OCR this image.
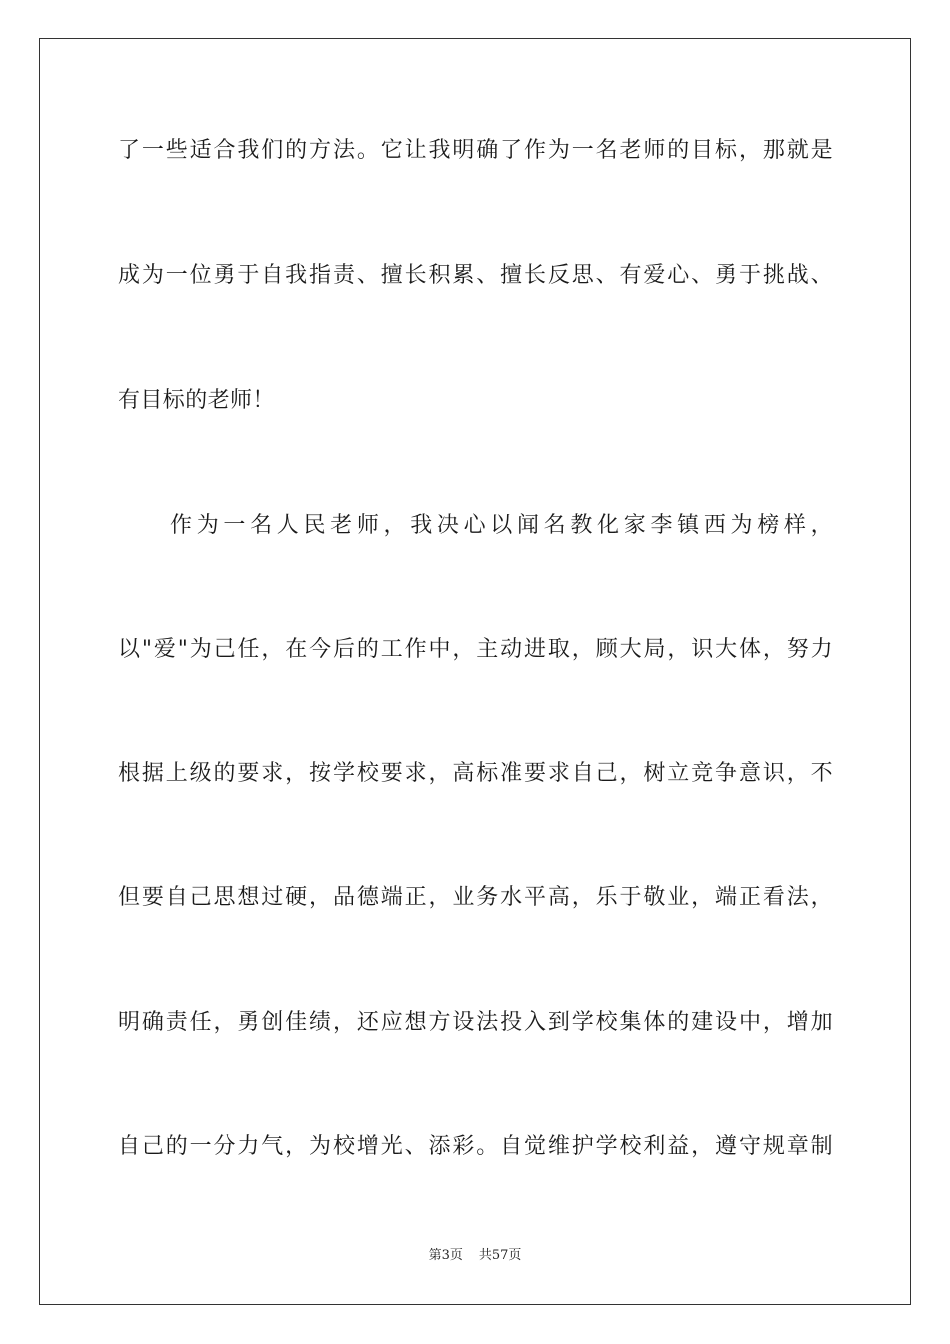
了一些适合我们的方法。它让我明确了作为一名老师的目标，那就是
成为一位勇于自我指责、擅长积累、擅长反思、有爱心、勇于挑战、
有目标的老师！
作为一名人民老师，我决心以闻名教化家李镇西为榜样，
以"爱"为己任，在今后的工作中，主动进取，顾大局，识大体，努力
根据上级的要求，按学校要求，高标准要求自己，树立竞争意识，不
但要自己思想过硬，品德端正，业务水平高，乐于敬业，端正看法，
明确责任，勇创佳绩，还应想方设法投入到学校集体的建设中，增加
自己的一分力气，为校增光、添彩。自觉维护学校利益，遵守规章制
第3页 共57页
